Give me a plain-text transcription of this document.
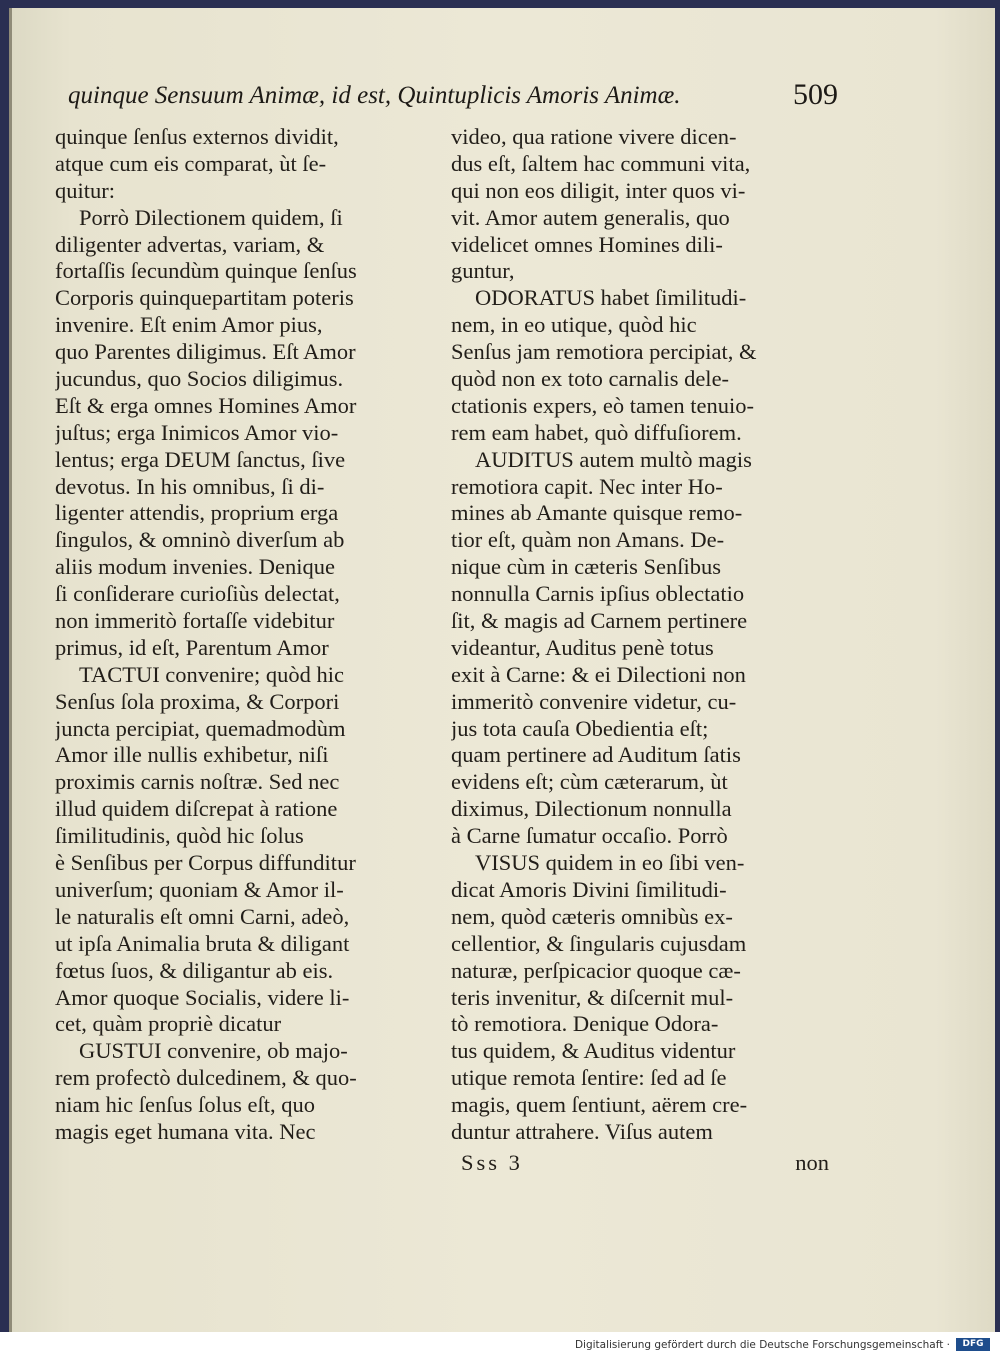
quinque Sensuum Animæ, id est, Quintuplicis Amoris Animæ.	509
quinque ſenſus externos dividit,
atque cum eis comparat, ùt ſe-
quitur:
Porrò Dilectionem quidem, ſi
diligenter advertas, variam, &
fortaſſis ſecundùm quinque ſenſus
Corporis quinquepartitam poteris
invenire. Eſt enim Amor pius,
quo Parentes diligimus. Eſt Amor
jucundus, quo Socios diligimus.
Eſt & erga omnes Homines Amor
juſtus; erga Inimicos Amor vio-
lentus; erga DEUM ſanctus, ſive
devotus. In his omnibus, ſi di-
ligenter attendis, proprium erga
ſingulos, & omninò diverſum ab
aliis modum invenies. Denique
ſi conſiderare curioſiùs delectat,
non immeritò fortaſſe videbitur
primus, id eſt, Parentum Amor
TACTUI convenire; quòd hic
Senſus ſola proxima, & Corpori
juncta percipiat, quemadmodùm
Amor ille nullis exhibetur, niſi
proximis carnis noſtræ. Sed nec
illud quidem diſcrepat à ratione
ſimilitudinis, quòd hic ſolus
è Senſibus per Corpus diffunditur
univerſum; quoniam & Amor il-
le naturalis eſt omni Carni, adeò,
ut ipſa Animalia bruta & diligant
fœtus ſuos, & diligantur ab eis.
Amor quoque Socialis, videre li-
cet, quàm propriè dicatur
GUSTUI convenire, ob majo-
rem profectò dulcedinem, & quo-
niam hic ſenſus ſolus eſt, quo
magis eget humana vita. Nec
video, qua ratione vivere dicen-
dus eſt, ſaltem hac communi vita,
qui non eos diligit, inter quos vi-
vit. Amor autem generalis, quo
videlicet omnes Homines dili-
guntur,
ODORATUS habet ſimilitudi-
nem, in eo utique, quòd hic
Senſus jam remotiora percipiat, &
quòd non ex toto carnalis dele-
ctationis expers, eò tamen tenuio-
rem eam habet, quò diffuſiorem.
AUDITUS autem multò magis
remotiora capit. Nec inter Ho-
mines ab Amante quisque remo-
tior eſt, quàm non Amans. De-
nique cùm in cæteris Senſibus
nonnulla Carnis ipſius oblectatio
ſit, & magis ad Carnem pertinere
videantur, Auditus penè totus
exit à Carne: & ei Dilectioni non
immeritò convenire videtur, cu-
jus tota cauſa Obedientia eſt;
quam pertinere ad Auditum ſatis
evidens eſt; cùm cæterarum, ùt
diximus, Dilectionum nonnulla
à Carne ſumatur occaſio. Porrò
VISUS quidem in eo ſibi ven-
dicat Amoris Divini ſimilitudi-
nem, quòd cæteris omnibùs ex-
cellentior, & ſingularis cujusdam
naturæ, perſpicacior quoque cæ-
teris invenitur, & diſcernit mul-
tò remotiora. Denique Odora-
tus quidem, & Auditus videntur
utique remota ſentire: ſed ad ſe
magis, quem ſentiunt, aërem cre-
duntur attrahere. Viſus autem
Sss 3	non
Digitalisierung gefördert durch die Deutsche Forschungsgemeinschaft ·	DFG
